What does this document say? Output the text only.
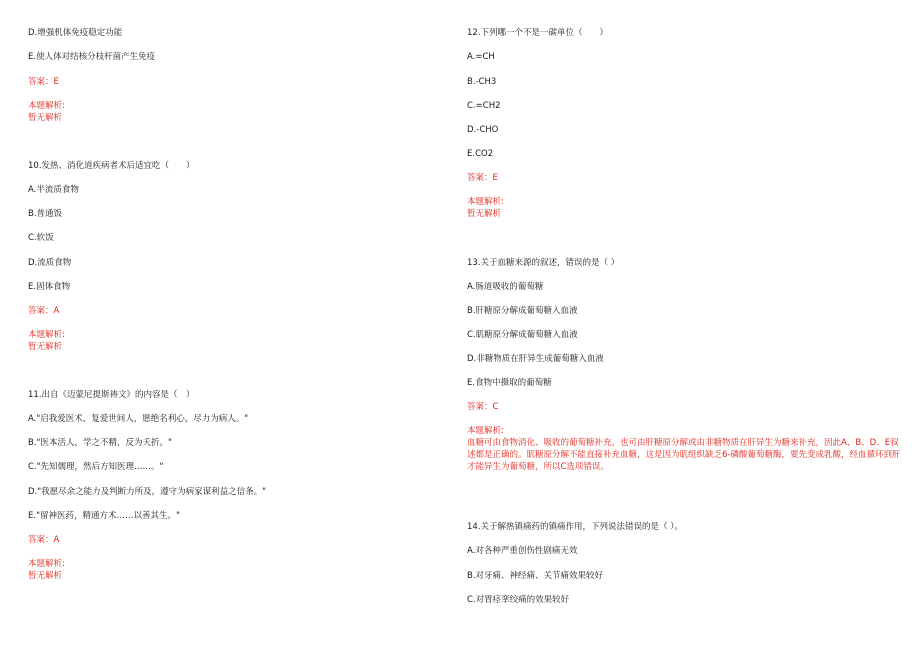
D.增强机体免疫稳定功能
E.使人体对结核分枝杆菌产生免疫
答案：E
本题解析:
暂无解析
10.发热、消化道疾病者术后适宜吃（　　）
A.半流质食物
B.普通饭
C.软饭
D.流质食物
E.固体食物
答案：A
本题解析:
暂无解析
11.出自《迈蒙尼提斯祷文》的内容是（　）
A."启我爱医术，复爱世间人，愿绝名利心，尽力为病人。"
B."医本活人，学之不精，反为夭折。"
C."先知儒理，然后方知医理……。"
D."我愿尽余之能力及判断力所及，遵守为病家谋利益之信条。"
E."留神医药，精通方术……以善其生。"
答案：A
本题解析:
暂无解析
12.下列哪一个不是一碳单位（　　）
A.=CH
B.-CH3
C.=CH2
D.-CHO
E.CO2
答案：E
本题解析:
暂无解析
13.关于血糖来源的叙述，错误的是（ ）
A.肠道吸收的葡萄糖
B.肝糖原分解成葡萄糖入血液
C.肌糖原分解成葡萄糖入血液
D.非糖物质在肝异生成葡萄糖入血液
E.食物中摄取的葡萄糖
答案：C
本题解析:
血糖可由食物消化、吸收的葡萄糖补充，也可由肝糖原分解或由非糖物质在肝异生为糖来补充，因此A、B、D、E叙述都是正确的。肌糖原分解不能直接补充血糖，这是因为肌组织缺乏6-磷酸葡萄糖酶，要先变成乳酸，经血循环到肝才能异生为葡萄糖，所以C选项错误。
14.关于解热镇痛药的镇痛作用，下列说法错误的是（ ）。
A.对各种严重创伤性剧痛无效
B.对牙痛、神经痛、关节痛效果较好
C.对胃痉挛绞痛的效果较好
